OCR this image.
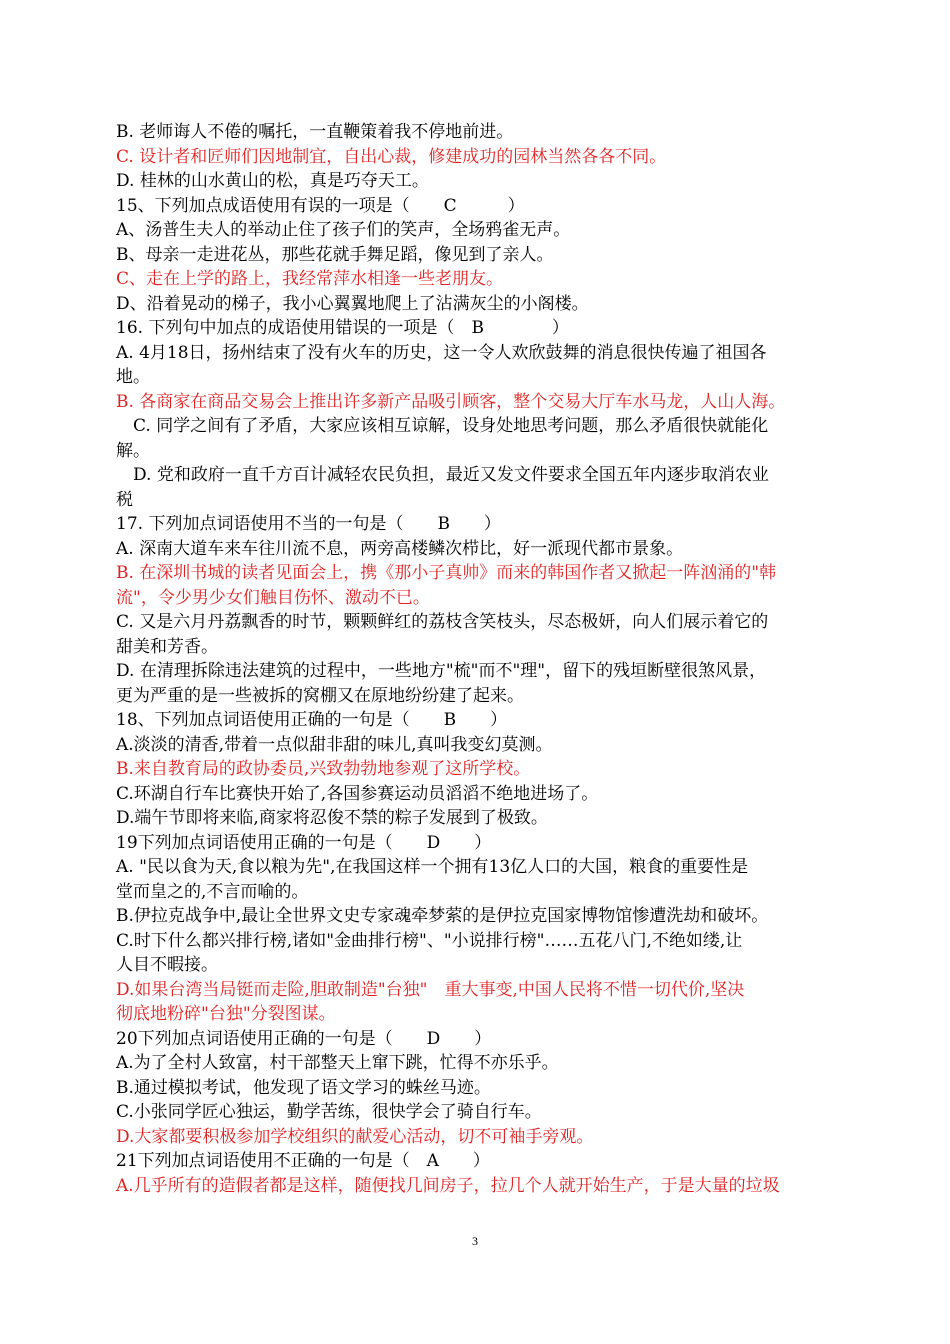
B. 老师诲人不倦的嘱托，一直鞭策着我不停地前进。
C. 设计者和匠师们因地制宜，自出心裁，修建成功的园林当然各各不同。
D. 桂林的山水黄山的松，真是巧夺天工。
15、下列加点成语使用有误的一项是（　　C　　　）
A、汤普生夫人的举动止住了孩子们的笑声，全场鸦雀无声。
B、母亲一走进花丛，那些花就手舞足蹈，像见到了亲人。
C、走在上学的路上，我经常萍水相逢一些老朋友。
D、沿着晃动的梯子，我小心翼翼地爬上了沾满灰尘的小阁楼。
16. 下列句中加点的成语使用错误的一项是（　B　　　　）
A. 4月18日，扬州结束了没有火车的历史，这一令人欢欣鼓舞的消息很快传遍了祖国各
地。
B. 各商家在商品交易会上推出许多新产品吸引顾客，整个交易大厅车水马龙，人山人海。
　C. 同学之间有了矛盾，大家应该相互谅解，设身处地思考问题，那么矛盾很快就能化
解。
　D. 党和政府一直千方百计减轻农民负担，最近又发文件要求全国五年内逐步取消农业
税
17. 下列加点词语使用不当的一句是（　　B　　）
A. 深南大道车来车往川流不息，两旁高楼鳞次栉比，好一派现代都市景象。
B. 在深圳书城的读者见面会上，携《那小子真帅》而来的韩国作者又掀起一阵汹涌的"韩
流"，令少男少女们触目伤怀、激动不已。
C. 又是六月丹荔飘香的时节，颗颗鲜红的荔枝含笑枝头，尽态极妍，向人们展示着它的
甜美和芳香。
D. 在清理拆除违法建筑的过程中，一些地方"梳"而不"理"，留下的残垣断壁很煞风景，
更为严重的是一些被拆的窝棚又在原地纷纷建了起来。
18、下列加点词语使用正确的一句是（　　B　　）
A.淡淡的清香,带着一点似甜非甜的味儿,真叫我变幻莫测。
B.来自教育局的政协委员,兴致勃勃地参观了这所学校。
C.环湖自行车比赛快开始了,各国参赛运动员滔滔不绝地进场了。
D.端午节即将来临,商家将忍俊不禁的粽子发展到了极致。
19下列加点词语使用正确的一句是（　　D　　）
A. "民以食为天,食以粮为先",在我国这样一个拥有13亿人口的大国，粮食的重要性是
堂而皇之的,不言而喻的。
B.伊拉克战争中,最让全世界文史专家魂牵梦萦的是伊拉克国家博物馆惨遭洗劫和破坏。
C.时下什么都兴排行榜,诸如"金曲排行榜"、"小说排行榜"……五花八门,不绝如缕,让
人目不暇接。
D.如果台湾当局铤而走险,胆敢制造"台独"　重大事变,中国人民将不惜一切代价,坚决
彻底地粉碎"台独"分裂图谋。
20下列加点词语使用正确的一句是（　　D　　）
A.为了全村人致富，村干部整天上窜下跳，忙得不亦乐乎。
B.通过模拟考试，他发现了语文学习的蛛丝马迹。
C.小张同学匠心独运，勤学苦练，很快学会了骑自行车。
D.大家都要积极参加学校组织的献爱心活动，切不可袖手旁观。
21下列加点词语使用不正确的一句是（　A　　）
A.几乎所有的造假者都是这样，随便找几间房子，拉几个人就开始生产，于是大量的垃圾
3
